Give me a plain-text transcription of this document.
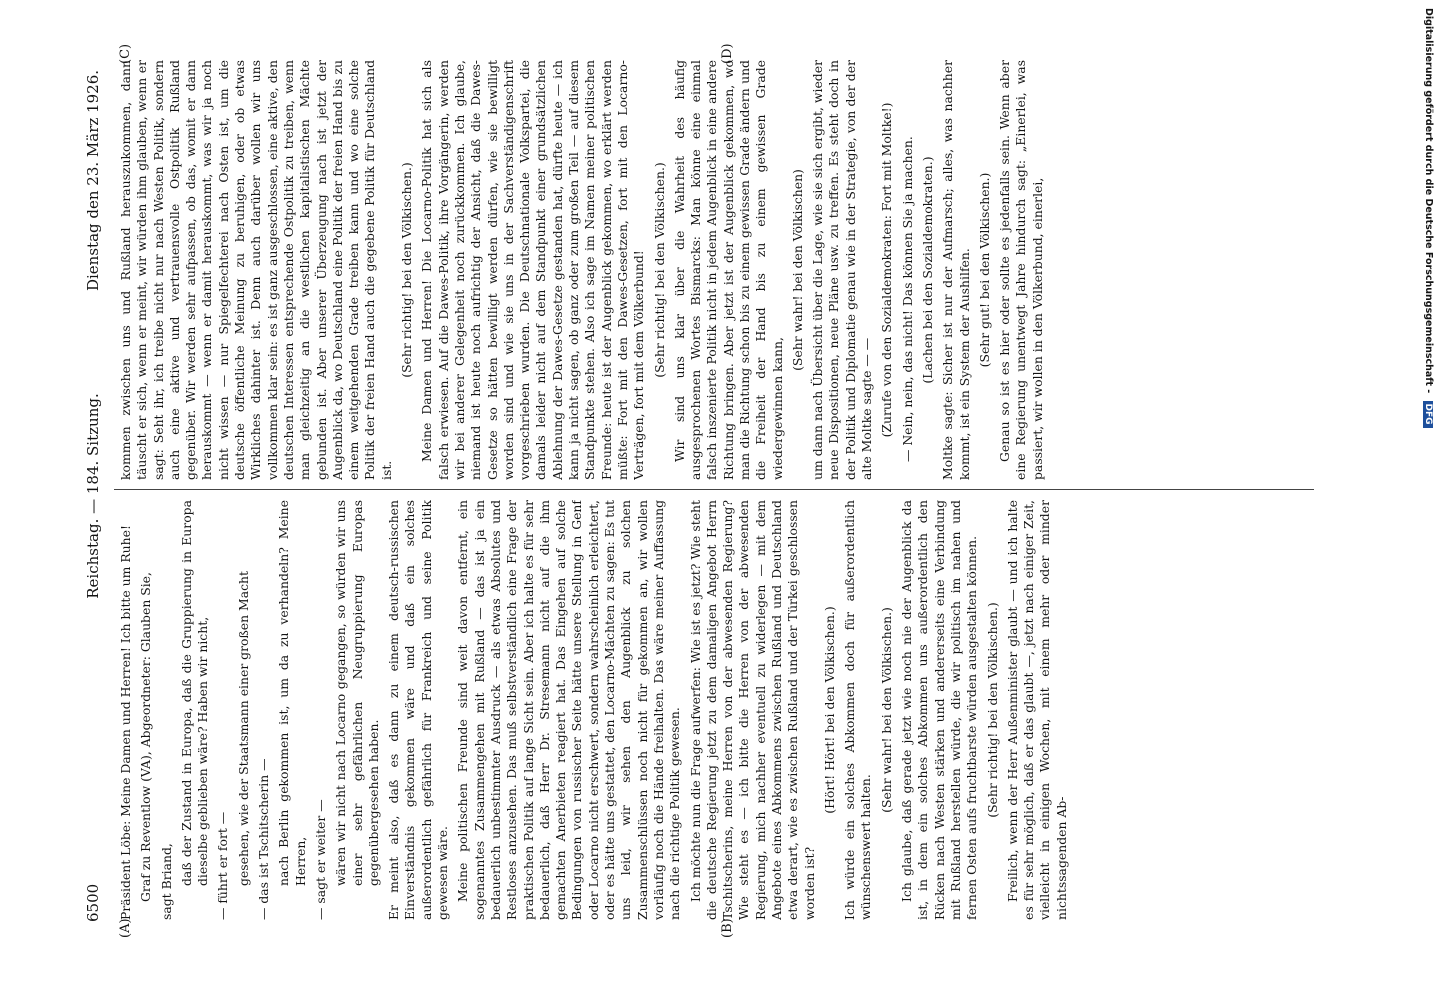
6500
Reichstag. — 184. Sitzung.
Dienstag den 23. März 1926.
(A)	(B)
(C)	(D)

Präsident Löbe: Meine Damen und Herren! Ich bitte um Ruhe! Graf zu Reventlow (VA), Abgeordneter: Glauben Sie, sagt Briand, daß der Zustand in Europa, daß die Gruppierung in Europa dieselbe geblieben wäre? Haben wir nicht, — führt er fort — gesehen, wie der Staatsmann einer großen Macht — das ist Tschitscherin — nach Berlin gekommen ist, um da zu verhandeln? Meine Herren, — sagt er weiter — wären wir nicht nach Locarno gegangen, so würden wir uns einer sehr gefährlichen Neugruppierung Europas gegenübergesehen haben. Er meint also, daß es dann zu einem deutsch-russischen Einverständnis gekommen wäre und daß ein solches außerordentlich gefährlich für Frankreich und seine Politik gewesen wäre. Meine politischen Freunde sind weit davon entfernt, ein sogenanntes Zusammengehen mit Rußland — das ist ja ein bedauerlich unbestimmter Ausdruck — als etwas Absolutes und Restloses anzusehen. Das muß selbstverständlich eine Frage der praktischen Politik auf lange Sicht sein. Aber ich halte es für sehr bedauerlich, daß Herr Dr. Stresemann nicht auf die ihm gemachten Anerbieten reagiert hat. Das Eingehen auf solche Bedingungen von russischer Seite hätte unsere Stellung in Genf oder Locarno nicht erschwert, sondern wahrscheinlich erleichtert, oder es hätte uns gestattet, den Locarno-Mächten zu sagen: Es tut uns leid, wir sehen den Augenblick zu solchen Zusammenschlüssen noch nicht für gekommen an, wir wollen vorläufig noch die Hände freihalten. Das wäre meiner Auffassung nach die richtige Politik gewesen. Ich möchte nun die Frage aufwerfen: Wie ist es jetzt? Wie steht die deutsche Regierung jetzt zu dem damaligen Angebot Herrn Tschitscherins, meine Herren von der abwesenden Regierung? Wie steht es — ich bitte die Herren von der abwesenden Regierung, mich nachher eventuell zu widerlegen — mit dem Angebote eines Abkommens zwischen Rußland und Deutschland etwa derart, wie es zwischen Rußland und der Türkei geschlossen worden ist?

(Hört! Hört! bei den Völkischen.) Ich würde ein solches Abkommen doch für außerordentlich wünschenswert halten.

(Sehr wahr! bei den Völkischen.) Ich glaube, daß gerade jetzt wie noch nie der Augenblick da ist, in dem ein solches Abkommen uns außerordentlich den Rücken nach Westen stärken und andererseits eine Verbindung mit Rußland herstellen würde, die wir politisch im nahen und fernen Osten aufs fruchtbarste würden ausgestalten können. (Sehr richtig! bei den Völkischen.) Freilich, wenn der Herr Außenminister glaubt — und ich halte es für sehr möglich, daß er das glaubt —, jetzt nach einiger Zeit, vielleicht in einigen Wochen, mit einem mehr oder minder nichtssagenden Ab-

kommen zwischen uns und Rußland herauszukommen, dann täuscht er sich, wenn er meint, wir würden ihm glauben, wenn er sagt: Seht ihr, ich treibe nicht nur nach Westen Politik, sondern auch eine aktive und vertrauensvolle Ostpolitik Rußland gegenüber. Wir werden sehr aufpassen, ob das, womit er dann herauskommt — wenn er damit herauskommt, was wir ja noch nicht wissen — nur Spiegelfechterei nach Osten ist, um die deutsche öffentliche Meinung zu beruhigen, oder ob etwas Wirkliches dahinter ist. Denn auch darüber wollen wir uns vollkommen klar sein: es ist ganz ausgeschlossen, eine aktive, den deutschen Interessen entsprechende Ostpolitik zu treiben, wenn man gleichzeitig an die westlichen kapitalistischen Mächte gebunden ist. Aber unserer Überzeugung nach ist jetzt der Augenblick da, wo Deutschland eine Politik der freien Hand bis zu einem weitgehenden Grade treiben kann und wo eine solche Politik der freien Hand auch die gegebene Politik für Deutschland ist.

(Sehr richtig! bei den Völkischen.) Meine Damen und Herren! Die Locarno-Politik hat sich als falsch erwiesen. Auf die Dawes-Politik, ihre Vorgängerin, werden wir bei anderer Gelegenheit noch zurückkommen. Ich glaube, niemand ist heute noch aufrichtig der Ansicht, daß die Dawes-Gesetze so hätten bewilligt werden dürfen, wie sie bewilligt worden sind und wie sie uns in der Sachverständigenschrift vorgeschrieben wurden. Die Deutschnationale Volkspartei, die damals leider nicht auf dem Standpunkt einer grundsätzlichen Ablehnung der Dawes-Gesetze gestanden hat, dürfte heute — ich kann ja nicht sagen, ob ganz oder zum großen Teil — auf diesem Standpunkte stehen. Also ich sage im Namen meiner politischen Freunde: heute ist der Augenblick gekommen, wo erklärt werden müßte: Fort mit den Dawes-Gesetzen, fort mit den Locarno-Verträgen, fort mit dem Völkerbund! (Sehr richtig! bei den Völkischen.) Wir sind uns klar über die Wahrheit des häufig ausgesprochenen Wortes Bismarcks: Man könne eine einmal falsch inszenierte Politik nicht in jedem Augenblick in eine andere Richtung bringen. Aber jetzt ist der Augenblick gekommen, wo man die Richtung schon bis zu einem gewissen Grade ändern und die Freiheit der Hand bis zu einem gewissen Grade wiedergewinnen kann,

(Sehr wahr! bei den Völkischen) um dann nach Übersicht über die Lage, wie sie sich ergibt, wieder neue Dispositionen, neue Pläne usw. zu treffen. Es steht doch in der Politik und Diplomatie genau wie in der Strategie, von der der alte Moltke sagte — — (Zurufe von den Sozialdemokraten: Fort mit Moltke!) — Nein, nein, das nicht! Das können Sie ja machen. (Lachen bei den Sozialdemokraten.) Moltke sagte: Sicher ist nur der Aufmarsch; alles, was nachher kommt, ist ein System der Aushilfen. (Sehr gut! bei den Völkischen.) Genau so ist es hier oder sollte es jedenfalls sein. Wenn aber eine Regierung unentwegt Jahre hindurch sagt: „Einerlei, was passiert, wir wollen in den Völkerbund, einerlei,	Digitalisierung gefördert durch die Deutsche Forschungsgemeinschaft - DFG
